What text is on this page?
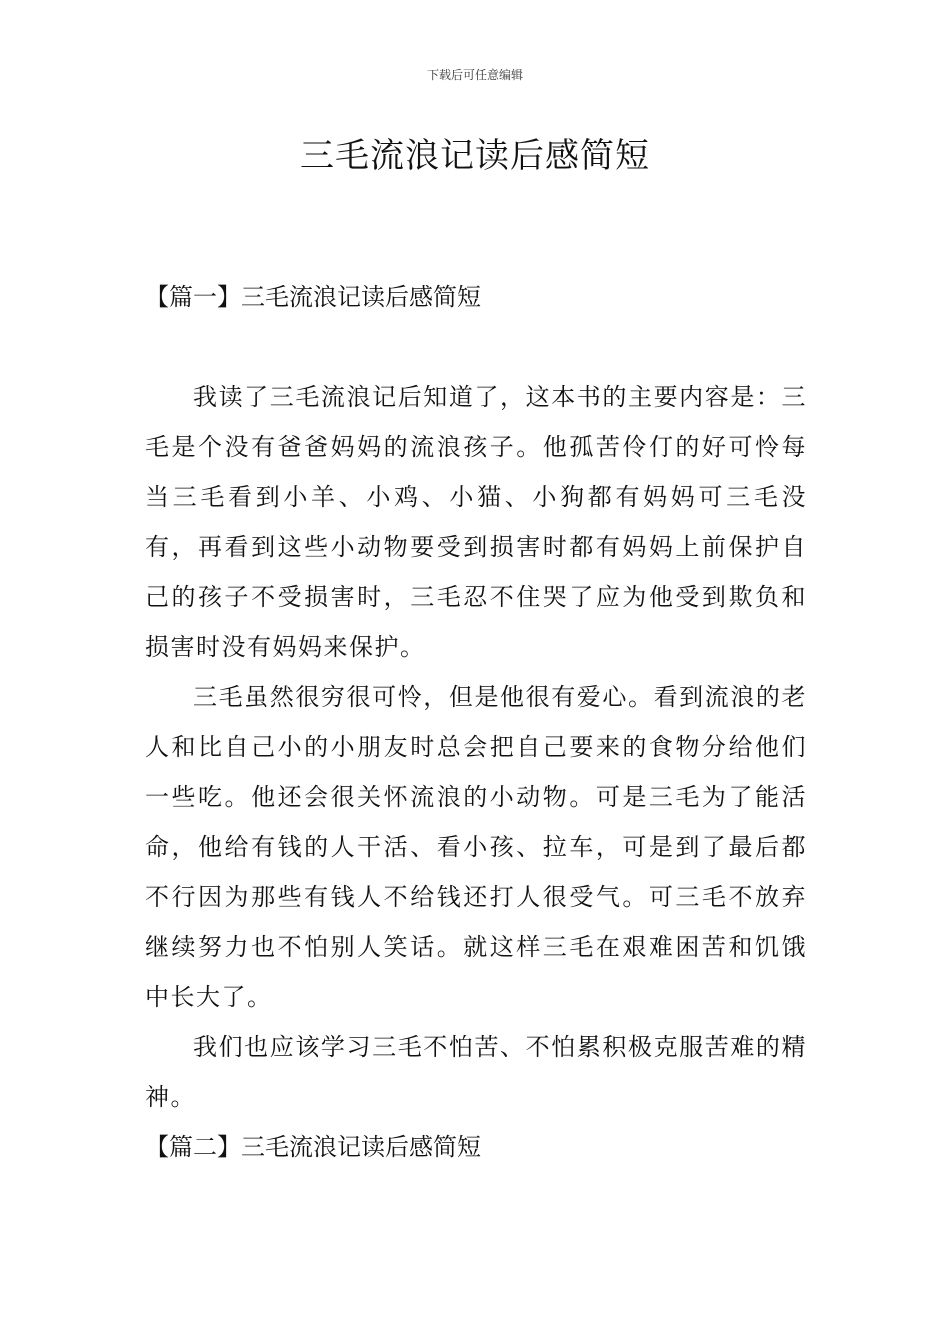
下载后可任意编辑
三毛流浪记读后感简短
【篇一】三毛流浪记读后感简短

我读了三毛流浪记后知道了，这本书的主要内容是：三毛是个没有爸爸妈妈的流浪孩子。他孤苦伶仃的好可怜每当三毛看到小羊、小鸡、小猫、小狗都有妈妈可三毛没有，再看到这些小动物要受到损害时都有妈妈上前保护自己的孩子不受损害时，三毛忍不住哭了应为他受到欺负和损害时没有妈妈来保护。

三毛虽然很穷很可怜，但是他很有爱心。看到流浪的老人和比自己小的小朋友时总会把自己要来的食物分给他们一些吃。他还会很关怀流浪的小动物。可是三毛为了能活命，他给有钱的人干活、看小孩、拉车，可是到了最后都不行因为那些有钱人不给钱还打人很受气。可三毛不放弃继续努力也不怕别人笑话。就这样三毛在艰难困苦和饥饿中长大了。

我们也应该学习三毛不怕苦、不怕累积极克服苦难的精神。

【篇二】三毛流浪记读后感简短
